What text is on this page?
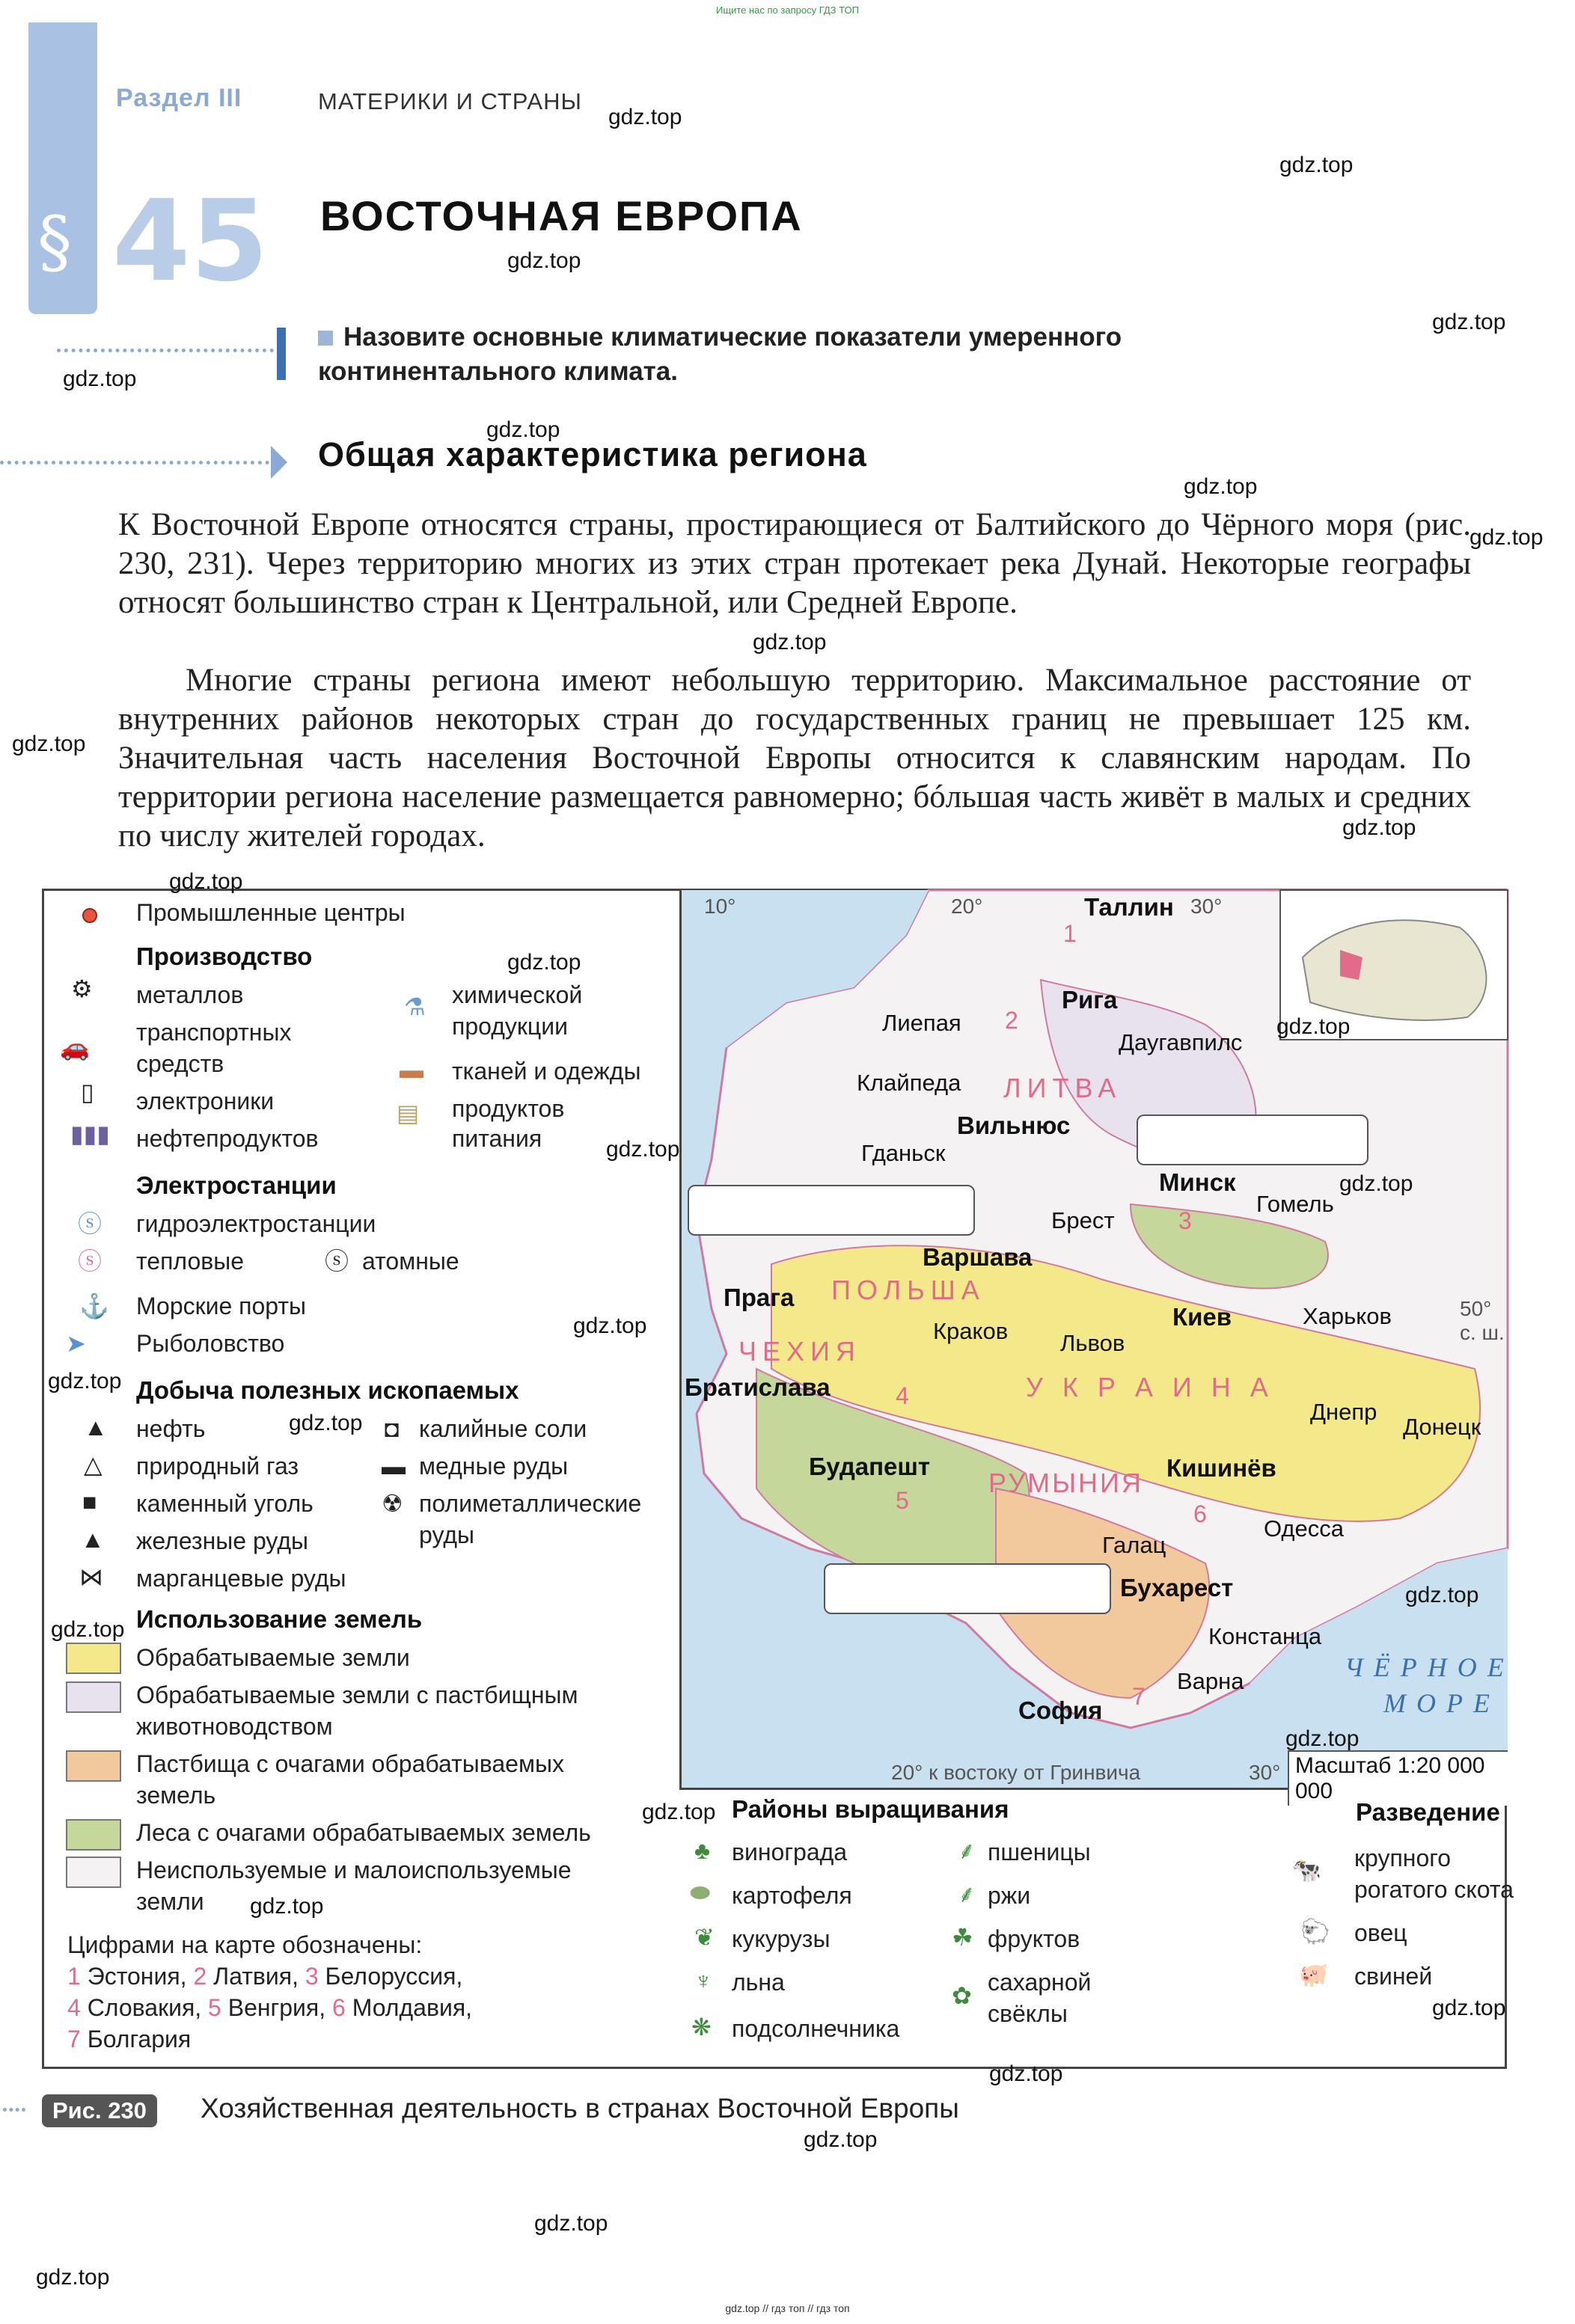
Ищите нас по запросу ГДЗ ТОП
§
Раздел III	МАТЕРИКИ И СТРАНЫ
45 ВОСТОЧНАЯ ЕВРОПА
Назовите основные климатические показатели умеренного
континентального климата.
Общая характеристика региона
К Восточной Европе относятся страны, простирающиеся от Балтийского до Чёрного моря (рис. 230, 231). Через территорию многих из этих стран протекает река Дунай. Некоторые географы относят большинство стран к Центральной, или Средней Европе.
Многие страны региона имеют небольшую территорию. Максимальное расстояние от внутренних районов некоторых стран до государственных границ не превышает 125 км. Значительная часть населения Восточной Европы относится к славянским народам. По территории региона население размещается равномерно; бóльшая часть живёт в малых и средних по числу жителей городах.
Промышленные центры
Производство
⚙ металлов
🚗
транспортных
средств
▯ электроники
▮▮▮ нефтепродуктов
⚗ химической
продукции
▬ тканей и одежды
▤ продуктов
питания
Электростанции
ⓢ гидроэлектростанции
ⓢ тепловые	ⓢ атомные
⚓ Морские порты
➤ Рыболовство
Добыча полезных ископаемых
▲ нефть
△ природный газ
■ каменный уголь
▲ железные руды
⋈ марганцевые руды
◘ калийные соли
▬ медные руды
☢ полиметаллические
руды
Использование земель
Обрабатываемые земли
Обрабатываемые земли с пастбищным
животноводством
Пастбища с очагами обрабатываемых
земель
Леса с очагами обрабатываемых земель
Неиспользуемые и малоиспользуемые
земли
Цифрами на карте обозначены:
1 Эстония, 2 Латвия, 3 Белоруссия,
4 Словакия, 5 Венгрия, 6 Молдавия,
7 Болгария
10°	20°	30°
50° с. ш.
20° к востоку от Гринвича	30°
Таллин
Рига
Вильнюс
Минск
Варшава
Киев
Прага
Братислава
Будапешт	Кишинёв
Бухарест
София
Лиепая
Клайпеда
Гданьск
Даугавпилс
Гомель
Брест
Краков Львов
Харьков
Днепр
Донецк
Одесса
Галац
Констанца
Варна
ЛИТВА
ПОЛЬША
ЧЕХИЯ
У К Р А И Н А
РУМЫНИЯ
1
2
3
4
5	6
7
ЧЁРНОЕ
МОРЕ
Масштаб 1:20 000 000
Районы выращивания
♣ винограда
⬬ картофеля
❦ кукурузы
♆ льна
❋ подсолнечника
⸙ пшеницы
⸙ ржи
☘ фруктов
✿ сахарной
свёклы
Разведение
🐄 крупного
рогатого скота
🐑 овец
🐖 свиней
Рис. 230	Хозяйственная деятельность в странах Восточной Европы
gdz.top
gdz.top
gdz.top
gdz.top
gdz.top
gdz.top
gdz.top
gdz.top
gdz.top
gdz.top
gdz.top
gdz.top
gdz.top
gdz.top
gdz.top
gdz.top
gdz.top
gdz.top
gdz.top
gdz.top
gdz.top
gdz.top
gdz.top
gdz.top
gdz.top
gdz.top
gdz.top
gdz.top
gdz.top
gdz.top // гдз топ // гдз топ
